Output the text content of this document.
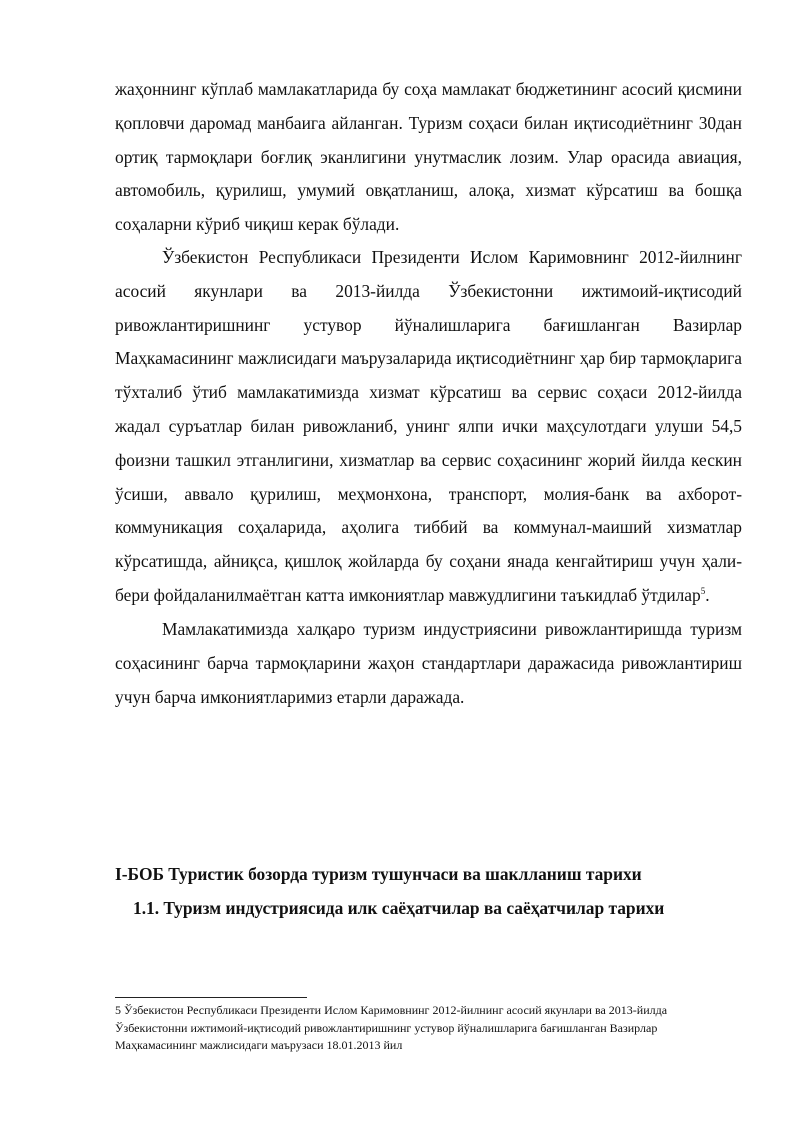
жаҳоннинг кўплаб мамлакатларида бу соҳа мамлакат бюджетининг асосий қисмини қопловчи даромад манбаига айланган. Туризм соҳаси билан иқтисодиётнинг 30дан ортиқ тармоқлари боғлиқ эканлигини унутмаслик лозим. Улар орасида авиация, автомобиль, қурилиш, умумий овқатланиш, алоқа, хизмат кўрсатиш ва бошқа соҳаларни кўриб чиқиш керак бўлади.

Ўзбекистон Республикаси Президенти Ислом Каримовнинг 2012-йилнинг асосий якунлари ва 2013-йилда Ўзбекистонни ижтимоий-иқтисодий ривожлантиришнинг устувор йўналишларига бағишланган Вазирлар Маҳкамасининг мажлисидаги маърузаларида иқтисодиётнинг ҳар бир тармоқларига тўхталиб ўтиб мамлакатимизда хизмат кўрсатиш ва сервис соҳаси 2012-йилда жадал суръатлар билан ривожланиб, унинг ялпи ички маҳсулотдаги улуши 54,5 фоизни ташкил этганлигини, хизматлар ва сервис соҳасининг жорий йилда кескин ўсиши, аввало қурилиш, меҳмонхона, транспорт, молия-банк ва ахборот-коммуникация соҳаларида, аҳолига тиббий ва коммунал-маиший хизматлар кўрсатишда, айниқса, қишлоқ жойларда бу соҳани янада кенгайтириш учун ҳали-бери фойдаланилмаётган катта имкониятлар мавжудлигини таъкидлаб ўтдилар$^5$.

Мамлакатимизда халқаро туризм индустриясини ривожлантиришда туризм соҳасининг барча тармоқларини жаҳон стандартлари даражасида ривожлантириш учун барча имкониятларимиз етарли даражада.

I-БОБ Туристик бозорда туризм тушунчаси ва шаклланиш тарихи
1.1. Туризм индустриясида илк саёҳатчилар ва саёҳатчилар тарихи

5 Ўзбекистон Республикаси Президенти Ислом Каримовнинг 2012-йилнинг асосий якунлари ва 2013-йилда Ўзбекистонни ижтимоий-иқтисодий ривожлантиришнинг устувор йўналишларига бағишланган Вазирлар Маҳкамасининг мажлисидаги маърузаси 18.01.2013 йил
